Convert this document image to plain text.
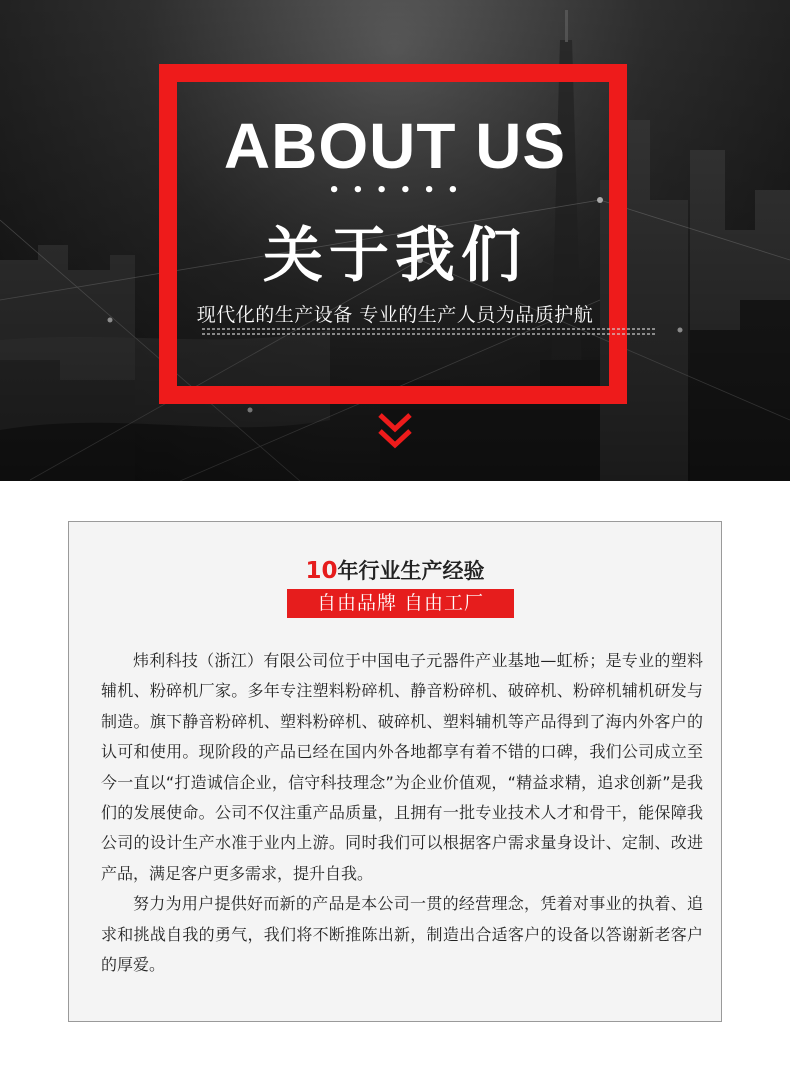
ABOUT US
• • • • • •
关于我们
现代化的生产设备 专业的生产人员为品质护航
10年行业生产经验
自由品牌 自由工厂

炜利科技（浙江）有限公司位于中国电子元器件产业基地—虹桥；是专业的塑料辅机、粉碎机厂家。多年专注塑料粉碎机、静音粉碎机、破碎机、粉碎机辅机研发与制造。旗下静音粉碎机、塑料粉碎机、破碎机、塑料辅机等产品得到了海内外客户的认可和使用。现阶段的产品已经在国内外各地都享有着不错的口碑，我们公司成立至今一直以“打造诚信企业，信守科技理念”为企业价值观，“精益求精，追求创新”是我们的发展使命。公司不仅注重产品质量，且拥有一批专业技术人才和骨干，能保障我公司的设计生产水准于业内上游。同时我们可以根据客户需求量身设计、定制、改进产品，满足客户更多需求，提升自我。

努力为用户提供好而新的产品是本公司一贯的经营理念，凭着对事业的执着、追求和挑战自我的勇气，我们将不断推陈出新，制造出合适客户的设备以答谢新老客户的厚爱。
